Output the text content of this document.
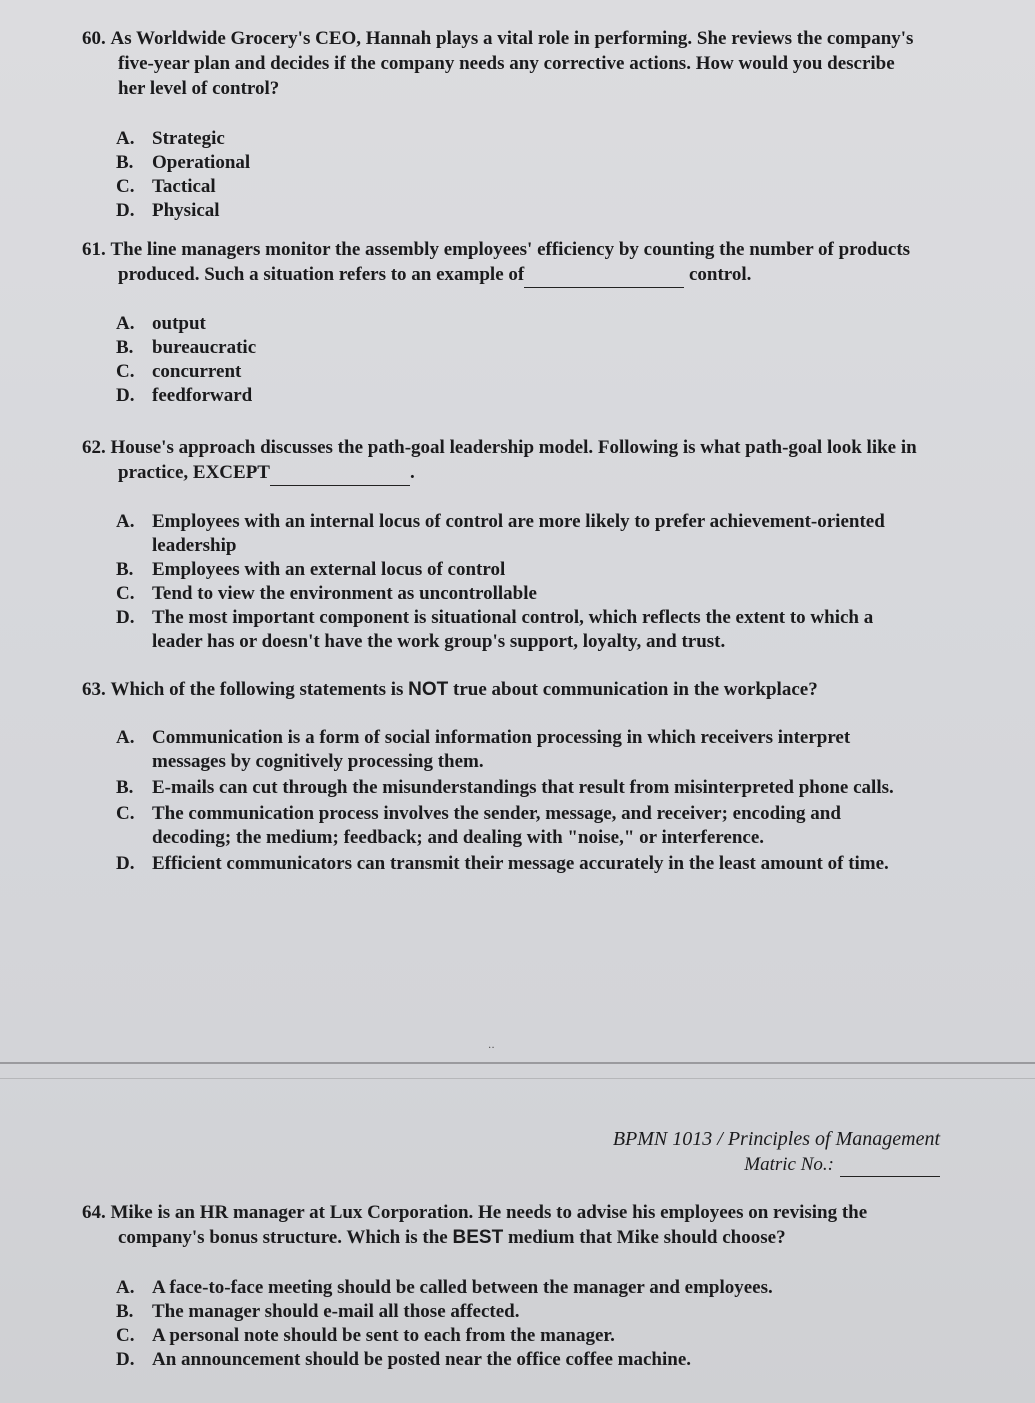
60. As Worldwide Grocery's CEO, Hannah plays a vital role in performing. She reviews the company's five-year plan and decides if the company needs any corrective actions. How would you describe her level of control?
A. Strategic
B. Operational
C. Tactical
D. Physical
61. The line managers monitor the assembly employees' efficiency by counting the number of products produced. Such a situation refers to an example of	control.
A. output
B. bureaucratic
C. concurrent
D. feedforward
62. House's approach discusses the path-goal leadership model. Following is what path-goal look like in practice, EXCEPT	.
A. Employees with an internal locus of control are more likely to prefer achievement-oriented leadership
B. Employees with an external locus of control
C. Tend to view the environment as uncontrollable
D. The most important component is situational control, which reflects the extent to which a leader has or doesn't have the work group's support, loyalty, and trust.
63. Which of the following statements is NOT true about communication in the workplace?
A. Communication is a form of social information processing in which receivers interpret messages by cognitively processing them.
B. E-mails can cut through the misunderstandings that result from misinterpreted phone calls.
C. The communication process involves the sender, message, and receiver; encoding and decoding; the medium; feedback; and dealing with "noise," or interference.
D. Efficient communicators can transmit their message accurately in the least amount of time.
․․
BPMN 1013 / Principles of Management
Matric No.:
64. Mike is an HR manager at Lux Corporation. He needs to advise his employees on revising the company's bonus structure. Which is the BEST medium that Mike should choose?
A. A face-to-face meeting should be called between the manager and employees.
B. The manager should e-mail all those affected.
C. A personal note should be sent to each from the manager.
D. An announcement should be posted near the office coffee machine.
